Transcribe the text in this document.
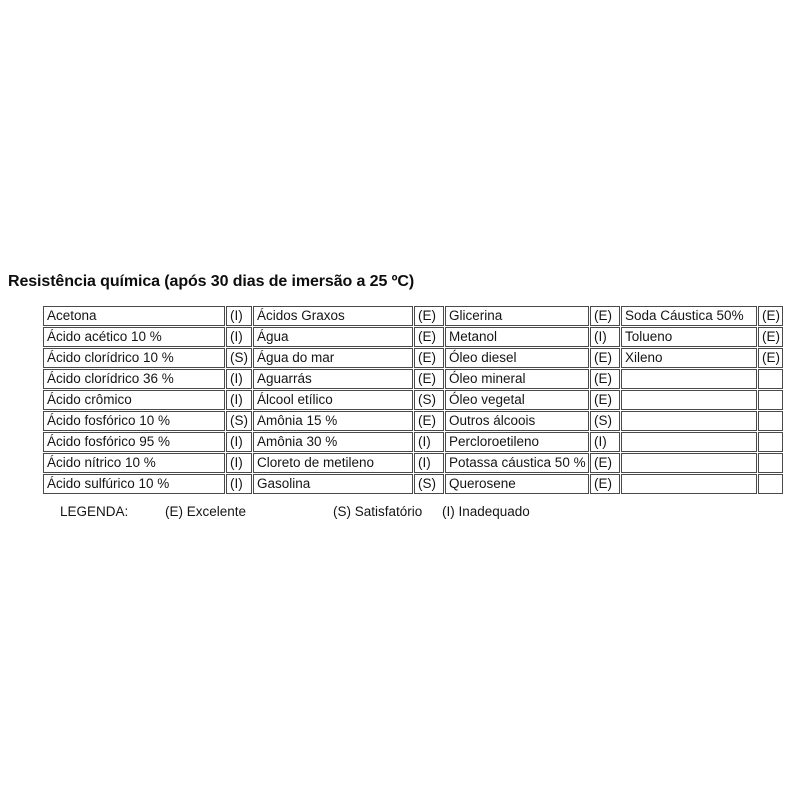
Resistência química (após 30 dias de imersão a 25 ºC)
Acetona	(I)	Ácidos Graxos	(E)	Glicerina	(E)	Soda Cáustica 50%	(E)
Ácido acético 10 %	(I)	Água	(E)	Metanol	(I)	Tolueno	(E)
Ácido clorídrico 10 %	(S)	Água do mar	(E)	Óleo diesel	(E)	Xileno	(E)
Ácido clorídrico 36 %	(I)	Aguarrás	(E)	Óleo mineral	(E)		
Ácido crômico	(I)	Álcool etílico	(S)	Óleo vegetal	(E)		
Ácido fosfórico 10 %	(S)	Amônia 15 %	(E)	Outros álcoois	(S)		
Ácido fosfórico 95 %	(I)	Amônia 30 %	(I)	Percloroetileno	(I)		
Ácido nítrico 10 %	(I)	Cloreto de metileno	(I)	Potassa cáustica 50 %	(E)		
Ácido sulfúrico 10 %	(I)	Gasolina	(S)	Querosene	(E)		
LEGENDA:	(E) Excelente	(S) Satisfatório (I) Inadequado
